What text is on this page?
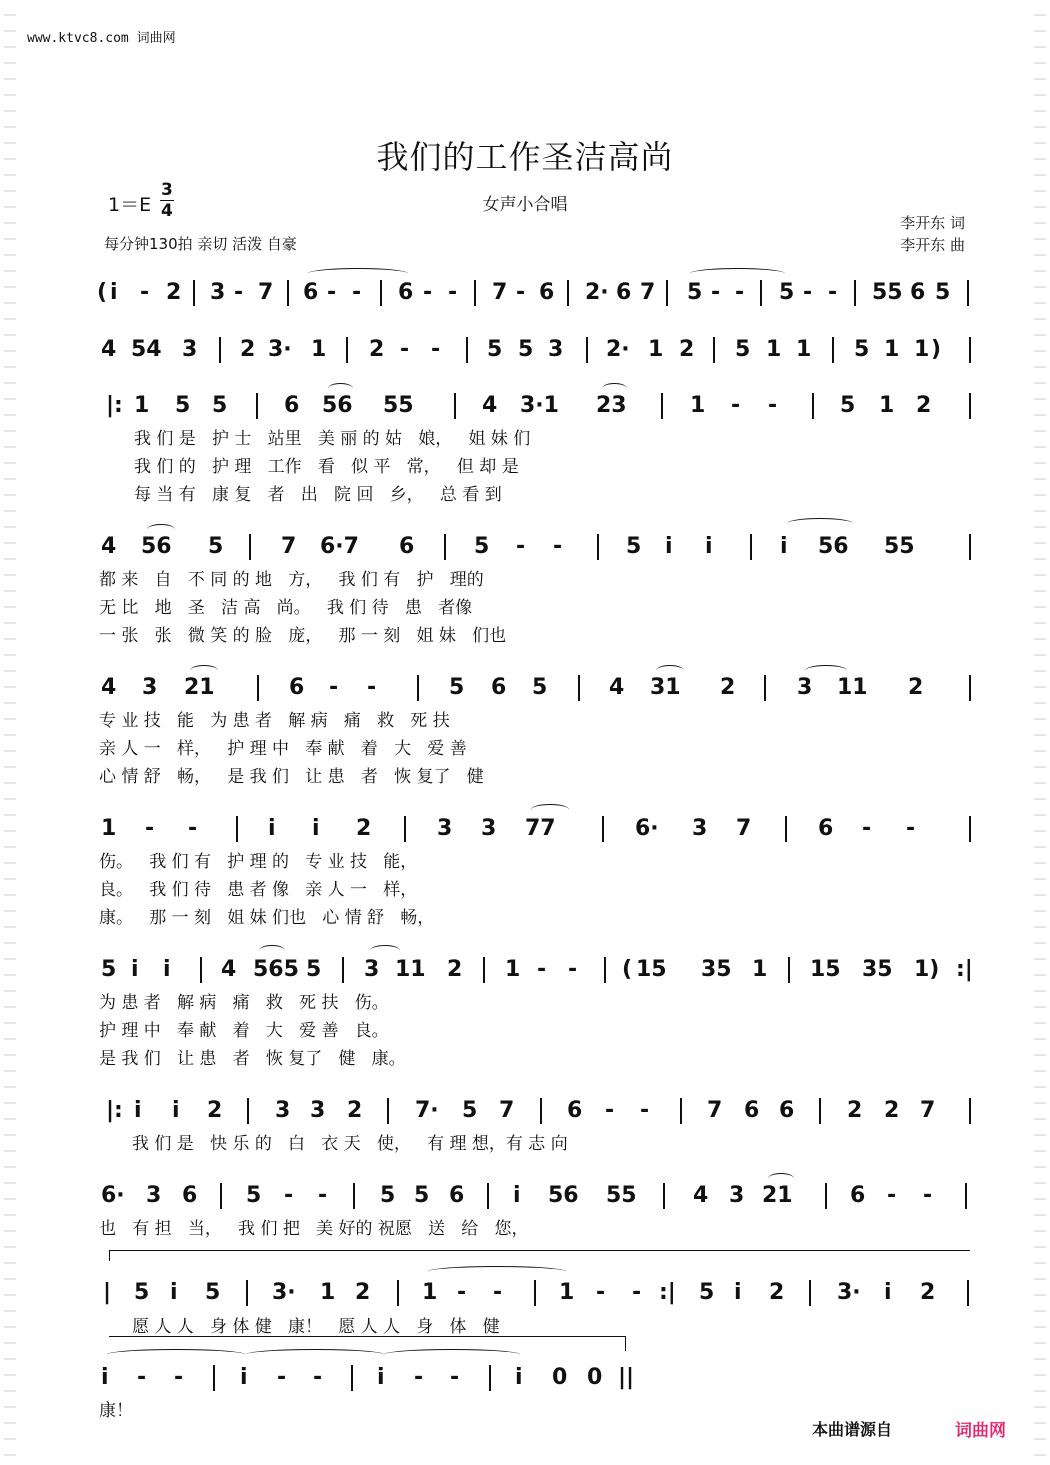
www.ktvc8.com 词曲网
我们的工作圣洁高尚
女声小合唱
$1=E \frac{3}{4}$
每分钟130拍 亲切 活泼 自豪
李开东 词
李开东 曲
( i - 2 3 - 7 6 - - 6 - - 7 - 6 2· 6 7 5 - - 5 - - 55 6 5
4 54 3 2 3· 1 2 - - 5 5 3 2· 1 2 5 1 1 5 1 1 )
|: 1 5 5	6 56 55	4 3·1 23	1 - -	5 1 2
我 们 是   护 士   站里   美 丽 的 姑   娘，   姐 妹 们
我 们 的   护 理   工作   看   似 平   常，   但 却 是
每 当 有   康 复   者   出   院 回   乡，   总 看 到
4 56 5	7 6·7 6	5 - -	5 i i	i 56 55
都 来   自   不 同 的 地   方，   我 们 有   护   理的
无 比   地   圣   洁 高   尚。   我 们 待   患   者像
一 张   张   微 笑 的 脸   庞，   那 一 刻   姐 妹   们也
4 3 21	6 - -	5 6 5	4 31 2	3 11 2
专 业 技   能   为 患 者   解 病   痛   救   死 扶
亲 人 一   样，   护 理 中   奉 献   着   大   爱 善
心 情 舒   畅，   是 我 们   让 患   者   恢 复了   健
1 - -	i i 2	3 3 77	6· 3 7	6 - -
伤。   我 们 有   护 理 的   专 业 技   能，
良。   我 们 待   患 者 像   亲 人 一   样，
康。   那 一 刻   姐 妹 们也   心 情 舒   畅，
5 i i 4 565 5 3 11 2 1 - - ( 15 35 1 15 35 1) :|
为 患 者   解 病   痛   救   死 扶   伤。
护 理 中   奉 献   着   大   爱 善   良。
是 我 们   让 患   者   恢 复了   健   康。
|: i i 2 3 3 2 7· 5 7 6 - -	7 6 6 2 2 7
我 们 是   快 乐 的   白   衣 天   使，   有 理 想，有 志 向
6· 3 6 5 - - 5 5 6 i 56 55	4 3 21	6 - -
也   有 担   当，   我 们 把   美 好的 祝愿   送   给   您，
| 5 i 5 3· 1 2 1 - -	1 - - :| 5 i 2 3· i 2
愿 人 人   身 体 健   康！   愿 人 人   身   体   健
i - -	i - - i - -	i 0 0 ||
康！
本曲谱源自	词曲网
